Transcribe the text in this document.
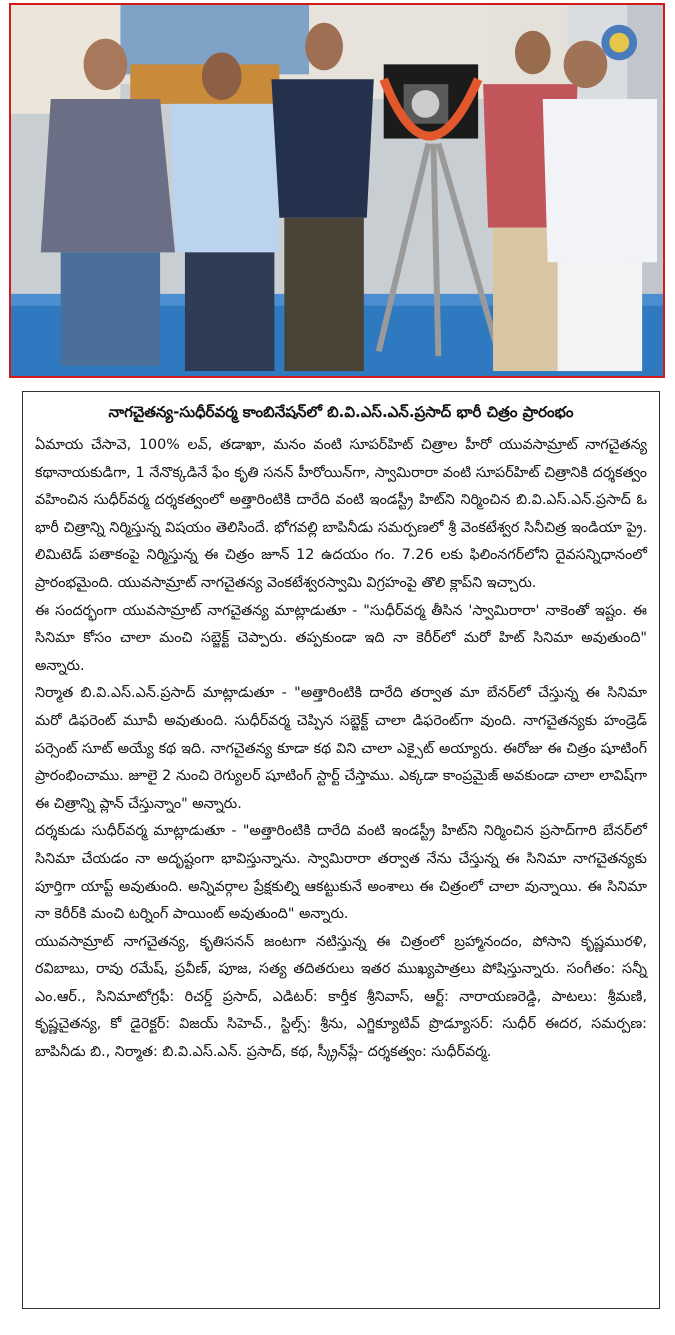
నాగచైతన్య-సుధీర్‌వర్మ కాంబినేషన్‌లో బి.వి.ఎస్.ఎన్.ప్రసాద్ భారీ చిత్రం ప్రారంభం

ఏమాయ చేసావె, 100% లవ్, తడాఖా, మనం వంటి సూపర్‌హిట్ చిత్రాల హీరో యువసామ్రాట్ నాగచైతన్య కథానాయకుడిగా, 1 నేనొక్కడినే ఫేం కృతి సనన్ హీరోయిన్‌గా, స్వామిరారా వంటి సూపర్‌హిట్ చిత్రానికి దర్శకత్వం వహించిన సుధీర్‌వర్మ దర్శకత్వంలో అత్తారింటికి దారేది వంటి ఇండస్ట్రీ హిట్‌ని నిర్మించిన బి.వి.ఎస్.ఎన్.ప్రసాద్ ఓ భారీ చిత్రాన్ని నిర్మిస్తున్న విషయం తెలిసిందే. భోగవల్లి బాపినీడు సమర్పణలో శ్రీ వెంకటేశ్వర సినీచిత్ర ఇండియా ప్రై. లిమిటెడ్ పతాకంపై నిర్మిస్తున్న ఈ చిత్రం జూన్ 12 ఉదయం గం. 7.26 లకు ఫిలింనగర్‌లోని దైవసన్నిధానంలో ప్రారంభమైంది. యువసామ్రాట్ నాగచైతన్య వెంకటేశ్వరస్వామి విగ్రహంపై తొలి క్లాప్‌ని ఇచ్చారు.

ఈ సందర్భంగా యువసామ్రాట్ నాగచైతన్య మాట్లాడుతూ - "సుధీర్‌వర్మ తీసిన 'స్వామిరారా' నాకెంతో ఇష్టం. ఈ సినిమా కోసం చాలా మంచి సబ్జెక్ట్ చెప్పారు. తప్పకుండా ఇది నా కెరీర్‌లో మరో హిట్ సినిమా అవుతుంది" అన్నారు.

నిర్మాత బి.వి.ఎస్.ఎన్.ప్రసాద్ మాట్లాడుతూ - "అత్తారింటికి దారేది తర్వాత మా బేనర్‌లో చేస్తున్న ఈ సినిమా మరో డిఫరెంట్ మూవీ అవుతుంది. సుధీర్‌వర్మ చెప్పిన సబ్జెక్ట్ చాలా డిఫరెంట్‌గా వుంది. నాగచైతన్యకు హండ్రెడ్ పర్సెంట్ సూట్ అయ్యే కథ ఇది. నాగచైతన్య కూడా కథ విని చాలా ఎక్సైట్ అయ్యారు. ఈరోజు ఈ చిత్రం షూటింగ్ ప్రారంభించాము. జూలై 2 నుంచి రెగ్యులర్ షూటింగ్ స్టార్ట్ చేస్తాము. ఎక్కడా కాంప్రమైజ్ అవకుండా చాలా లావిష్‌గా ఈ చిత్రాన్ని ప్లాన్ చేస్తున్నాం" అన్నారు.

దర్శకుడు సుధీర్‌వర్మ మాట్లాడుతూ - "అత్తారింటికి దారేది వంటి ఇండస్ట్రీ హిట్‌ని నిర్మించిన ప్రసాద్‌గారి బేనర్‌లో సినిమా చేయడం నా అదృష్టంగా భావిస్తున్నాను. స్వామిరారా తర్వాత నేను చేస్తున్న ఈ సినిమా నాగచైతన్యకు పూర్తిగా యాప్ట్ అవుతుంది. అన్నివర్గాల ప్రేక్షకుల్ని ఆకట్టుకునే అంశాలు ఈ చిత్రంలో చాలా వున్నాయి. ఈ సినిమా నా కెరీర్‌కి మంచి టర్నింగ్ పాయింట్ అవుతుంది" అన్నారు.

యువసామ్రాట్ నాగచైతన్య, కృతిసనన్ జంటగా నటిస్తున్న ఈ చిత్రంలో బ్రహ్మానందం, పోసాని కృష్ణమురళి, రవిబాబు, రావు రమేష్, ప్రవీణ్, పూజ, సత్య తదితరులు ఇతర ముఖ్యపాత్రలు పోషిస్తున్నారు. సంగీతం: సన్నీ ఎం.ఆర్., సినిమాటోగ్రఫీ: రిచర్డ్ ప్రసాద్, ఎడిటర్: కార్తీక శ్రీనివాస్, ఆర్ట్: నారాయణరెడ్డి, పాటలు: శ్రీమణి, కృష్ణచైతన్య, కో డైరెక్టర్: విజయ్ సిహెచ్., స్టిల్స్: శ్రీను, ఎగ్జిక్యూటివ్ ప్రొడ్యూసర్: సుధీర్ ఈదర, సమర్పణ: బాపినీడు బి., నిర్మాత: బి.వి.ఎస్.ఎన్. ప్రసాద్, కథ, స్క్రీన్‌ప్లే- దర్శకత్వం: సుధీర్‌వర్మ.
